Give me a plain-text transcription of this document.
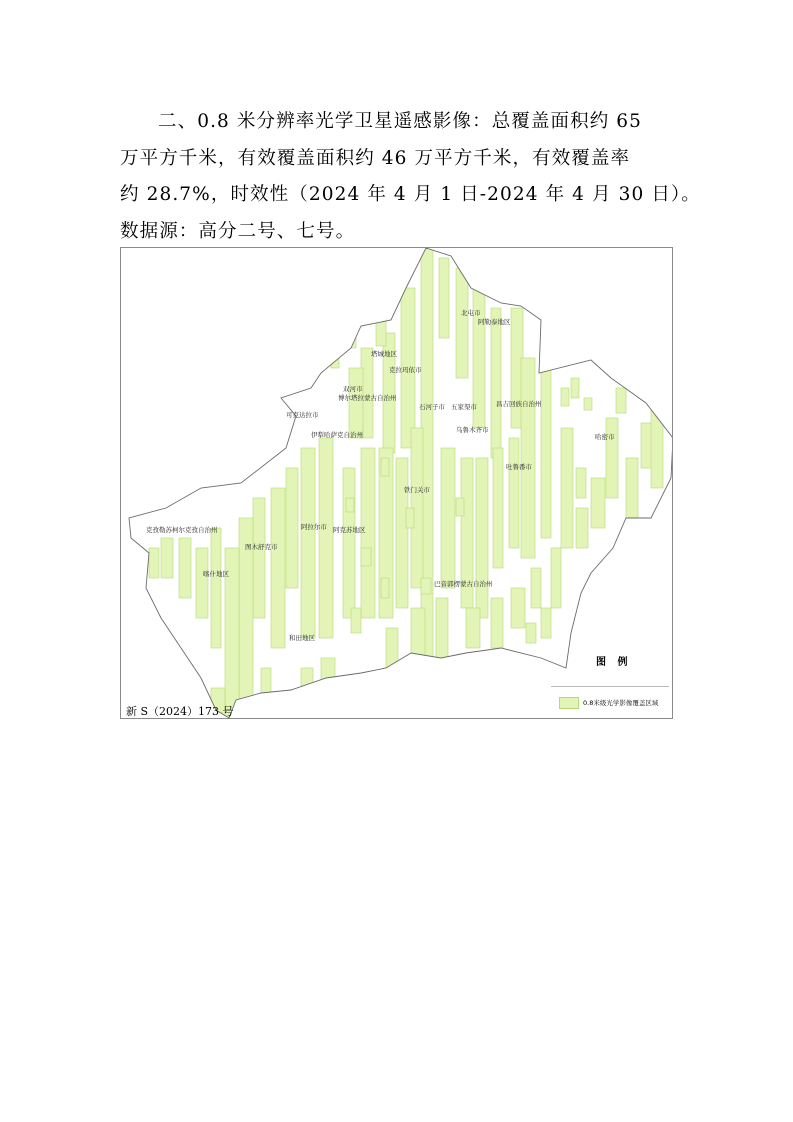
二、0.8 米分辨率光学卫星遥感影像：总覆盖面积约 65
万平方千米，有效覆盖面积约 46 万平方千米，有效覆盖率
约 28.7%，时效性（2024 年 4 月 1 日-2024 年 4 月 30 日）。
数据源：高分二号、七号。

北屯市
阿勒泰地区
塔城地区
克拉玛依市
双河市
博尔塔拉蒙古自治州
可克达拉市
伊犁哈萨克自治州
石河子市 五家渠市	昌吉回族自治州
乌鲁木齐市
哈密市
吐鲁番市
铁门关市
克孜勒苏柯尔克孜自治州	阿拉尔市 阿克苏地区
图木舒克市
喀什地区
巴音郭楞蒙古自治州
和田地区
图 例
0.8米级光学影像覆盖区域
新 S（2024）173 号
